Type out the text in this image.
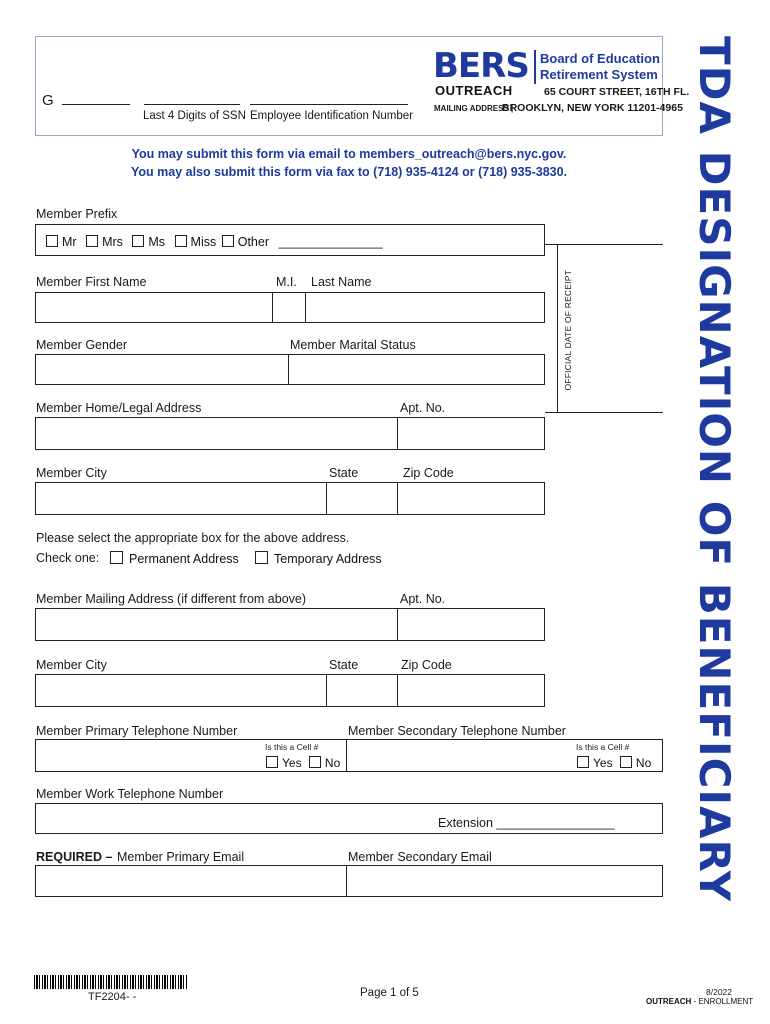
G
Last 4 Digits of SSN Employee Identification Number
BERS
OUTREACH
Board of Education
Retirement System
65 COURT STREET, 16TH FL.
MAILING ADDRESS |
BROOKLYN, NEW YORK 11201-4965 TDA DESIGNATION OF BENEFICIARY
You may submit this form via email to members_outreach@bers.nyc.gov.
You may also submit this form via fax to (718) 935-4124 or (718) 935-3830.
OFFICIAL DATE OF RECEIPT
Member Prefix
Mr Mrs Ms Miss Other _______________
Member First Name	M.I. Last Name
Member Gender	Member Marital Status
Member Home/Legal Address	Apt. No.
Member City	State	Zip Code
Please select the appropriate box for the above address.
Check one:	Permanent Address	Temporary Address
Member Mailing Address (if different from above)	Apt. No.
Member City	State	Zip Code
Member Primary Telephone Number	Member Secondary Telephone Number
Is this a Cell #
Yes No
Is this a Cell #
Yes No
Member Work Telephone Number
Extension _________________
REQUIRED – Member Primary Email	Member Secondary Email
TF2204- -	Page 1 of 5	8/2022
OUTREACH - ENROLLMENT
